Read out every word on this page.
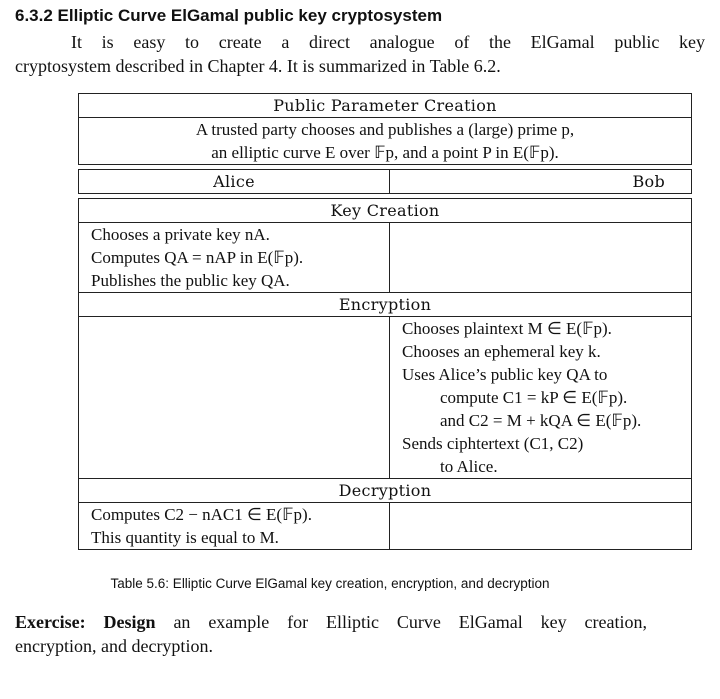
6.3.2 Elliptic Curve ElGamal public key cryptosystem
It is easy to create a direct analogue of the ElGamal public key
cryptosystem described in Chapter 4. It is summarized in Table 6.2.
Public Parameter Creation
A trusted party chooses and publishes a (large) prime p,
an elliptic curve E over 𝔽p, and a point P in E(𝔽p).
Alice	Bob
Key Creation
Chooses a private key nA.
Computes QA = nAP in E(𝔽p).
Publishes the public key QA.
Encryption
Chooses plaintext M ∈ E(𝔽p).
Chooses an ephemeral key k.
Uses Alice’s public key QA to
compute C1 = kP ∈ E(𝔽p).
and C2 = M + kQA ∈ E(𝔽p).
Sends ciphtertext (C1, C2)
to Alice.
Decryption
Computes C2 − nAC1 ∈ E(𝔽p).
This quantity is equal to M.
Table 5.6: Elliptic Curve ElGamal key creation, encryption, and decryption
Exercise: Design an example for Elliptic Curve ElGamal key creation,
encryption, and decryption.
